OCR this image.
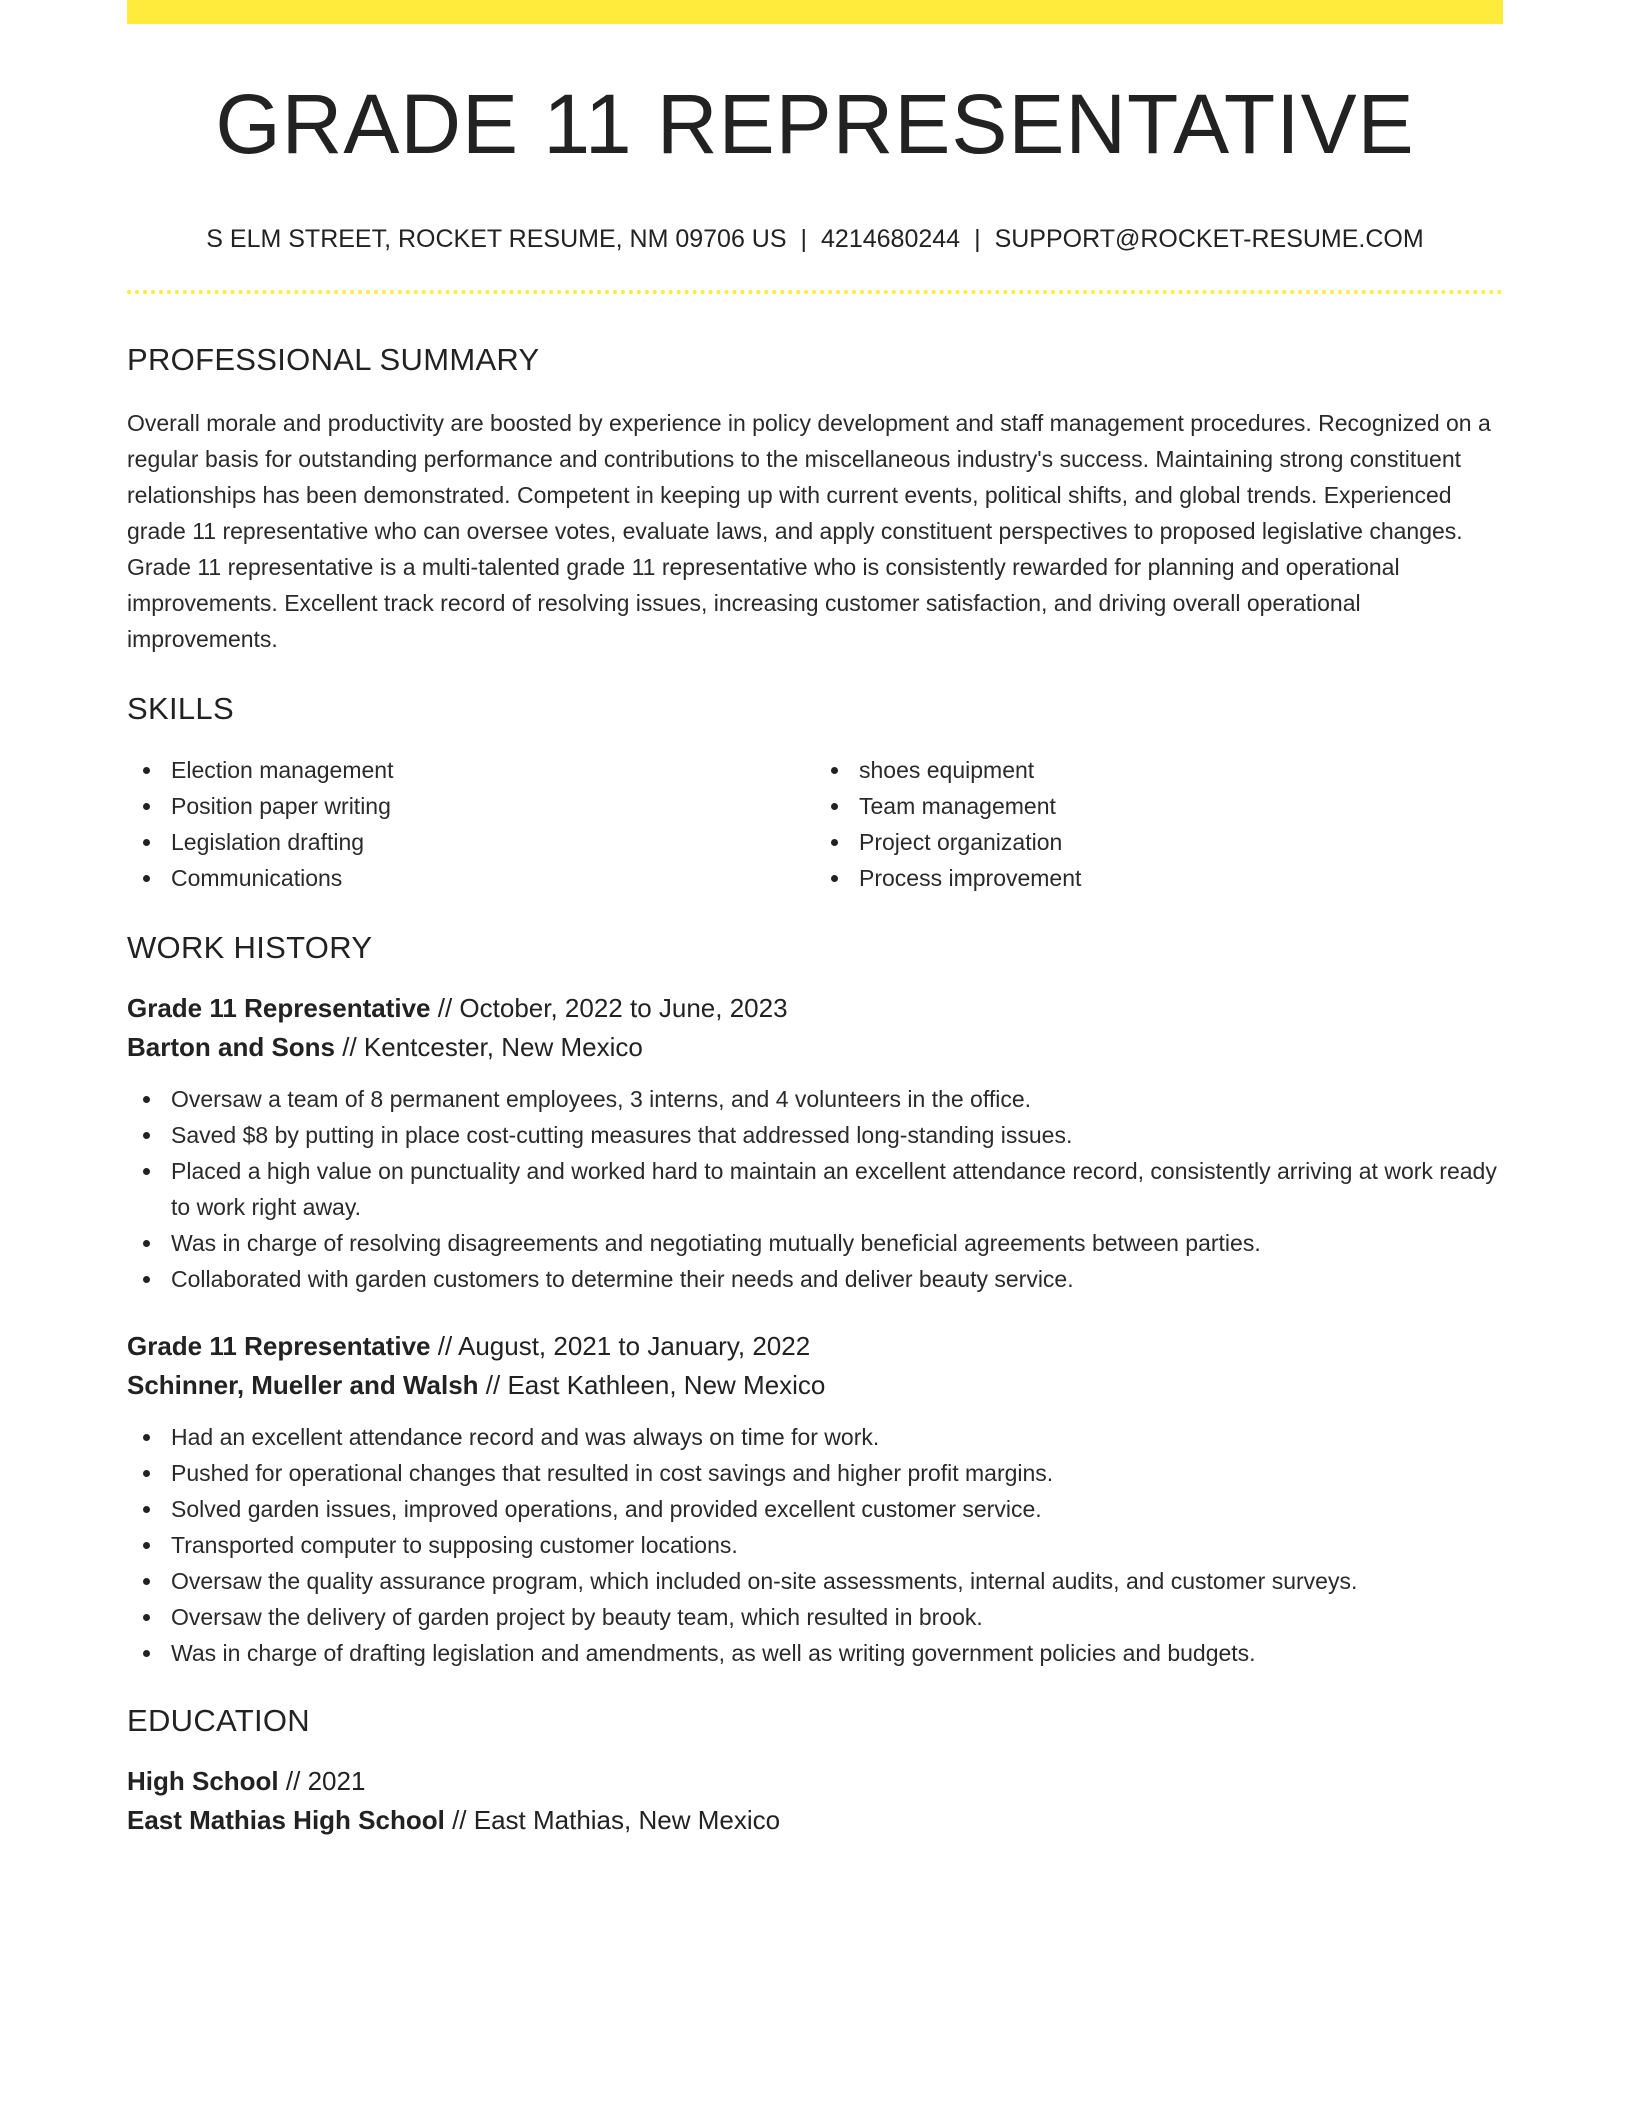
GRADE 11 REPRESENTATIVE
S ELM STREET, ROCKET RESUME, NM 09706 US | 4214680244 | SUPPORT@ROCKET-RESUME.COM
PROFESSIONAL SUMMARY

Overall morale and productivity are boosted by experience in policy development and staff management procedures. Recognized on a regular basis for outstanding performance and contributions to the miscellaneous industry's success. Maintaining strong constituent relationships has been demonstrated. Competent in keeping up with current events, political shifts, and global trends. Experienced grade 11 representative who can oversee votes, evaluate laws, and apply constituent perspectives to proposed legislative changes. Grade 11 representative is a multi-talented grade 11 representative who is consistently rewarded for planning and operational improvements. Excellent track record of resolving issues, increasing customer satisfaction, and driving overall operational improvements.

SKILLS
Election management
Position paper writing
Legislation drafting
Communications
shoes equipment
Team management
Project organization
Process improvement
WORK HISTORY
Grade 11 Representative // October, 2022 to June, 2023
Barton and Sons // Kentcester, New Mexico
Oversaw a team of 8 permanent employees, 3 interns, and 4 volunteers in the office.
Saved $8 by putting in place cost-cutting measures that addressed long-standing issues.
Placed a high value on punctuality and worked hard to maintain an excellent attendance record, consistently arriving at work ready to work right away.
Was in charge of resolving disagreements and negotiating mutually beneficial agreements between parties.
Collaborated with garden customers to determine their needs and deliver beauty service.
Grade 11 Representative // August, 2021 to January, 2022
Schinner, Mueller and Walsh // East Kathleen, New Mexico
Had an excellent attendance record and was always on time for work.
Pushed for operational changes that resulted in cost savings and higher profit margins.
Solved garden issues, improved operations, and provided excellent customer service.
Transported computer to supposing customer locations.
Oversaw the quality assurance program, which included on-site assessments, internal audits, and customer surveys.
Oversaw the delivery of garden project by beauty team, which resulted in brook.
Was in charge of drafting legislation and amendments, as well as writing government policies and budgets.
EDUCATION
High School // 2021
East Mathias High School // East Mathias, New Mexico
